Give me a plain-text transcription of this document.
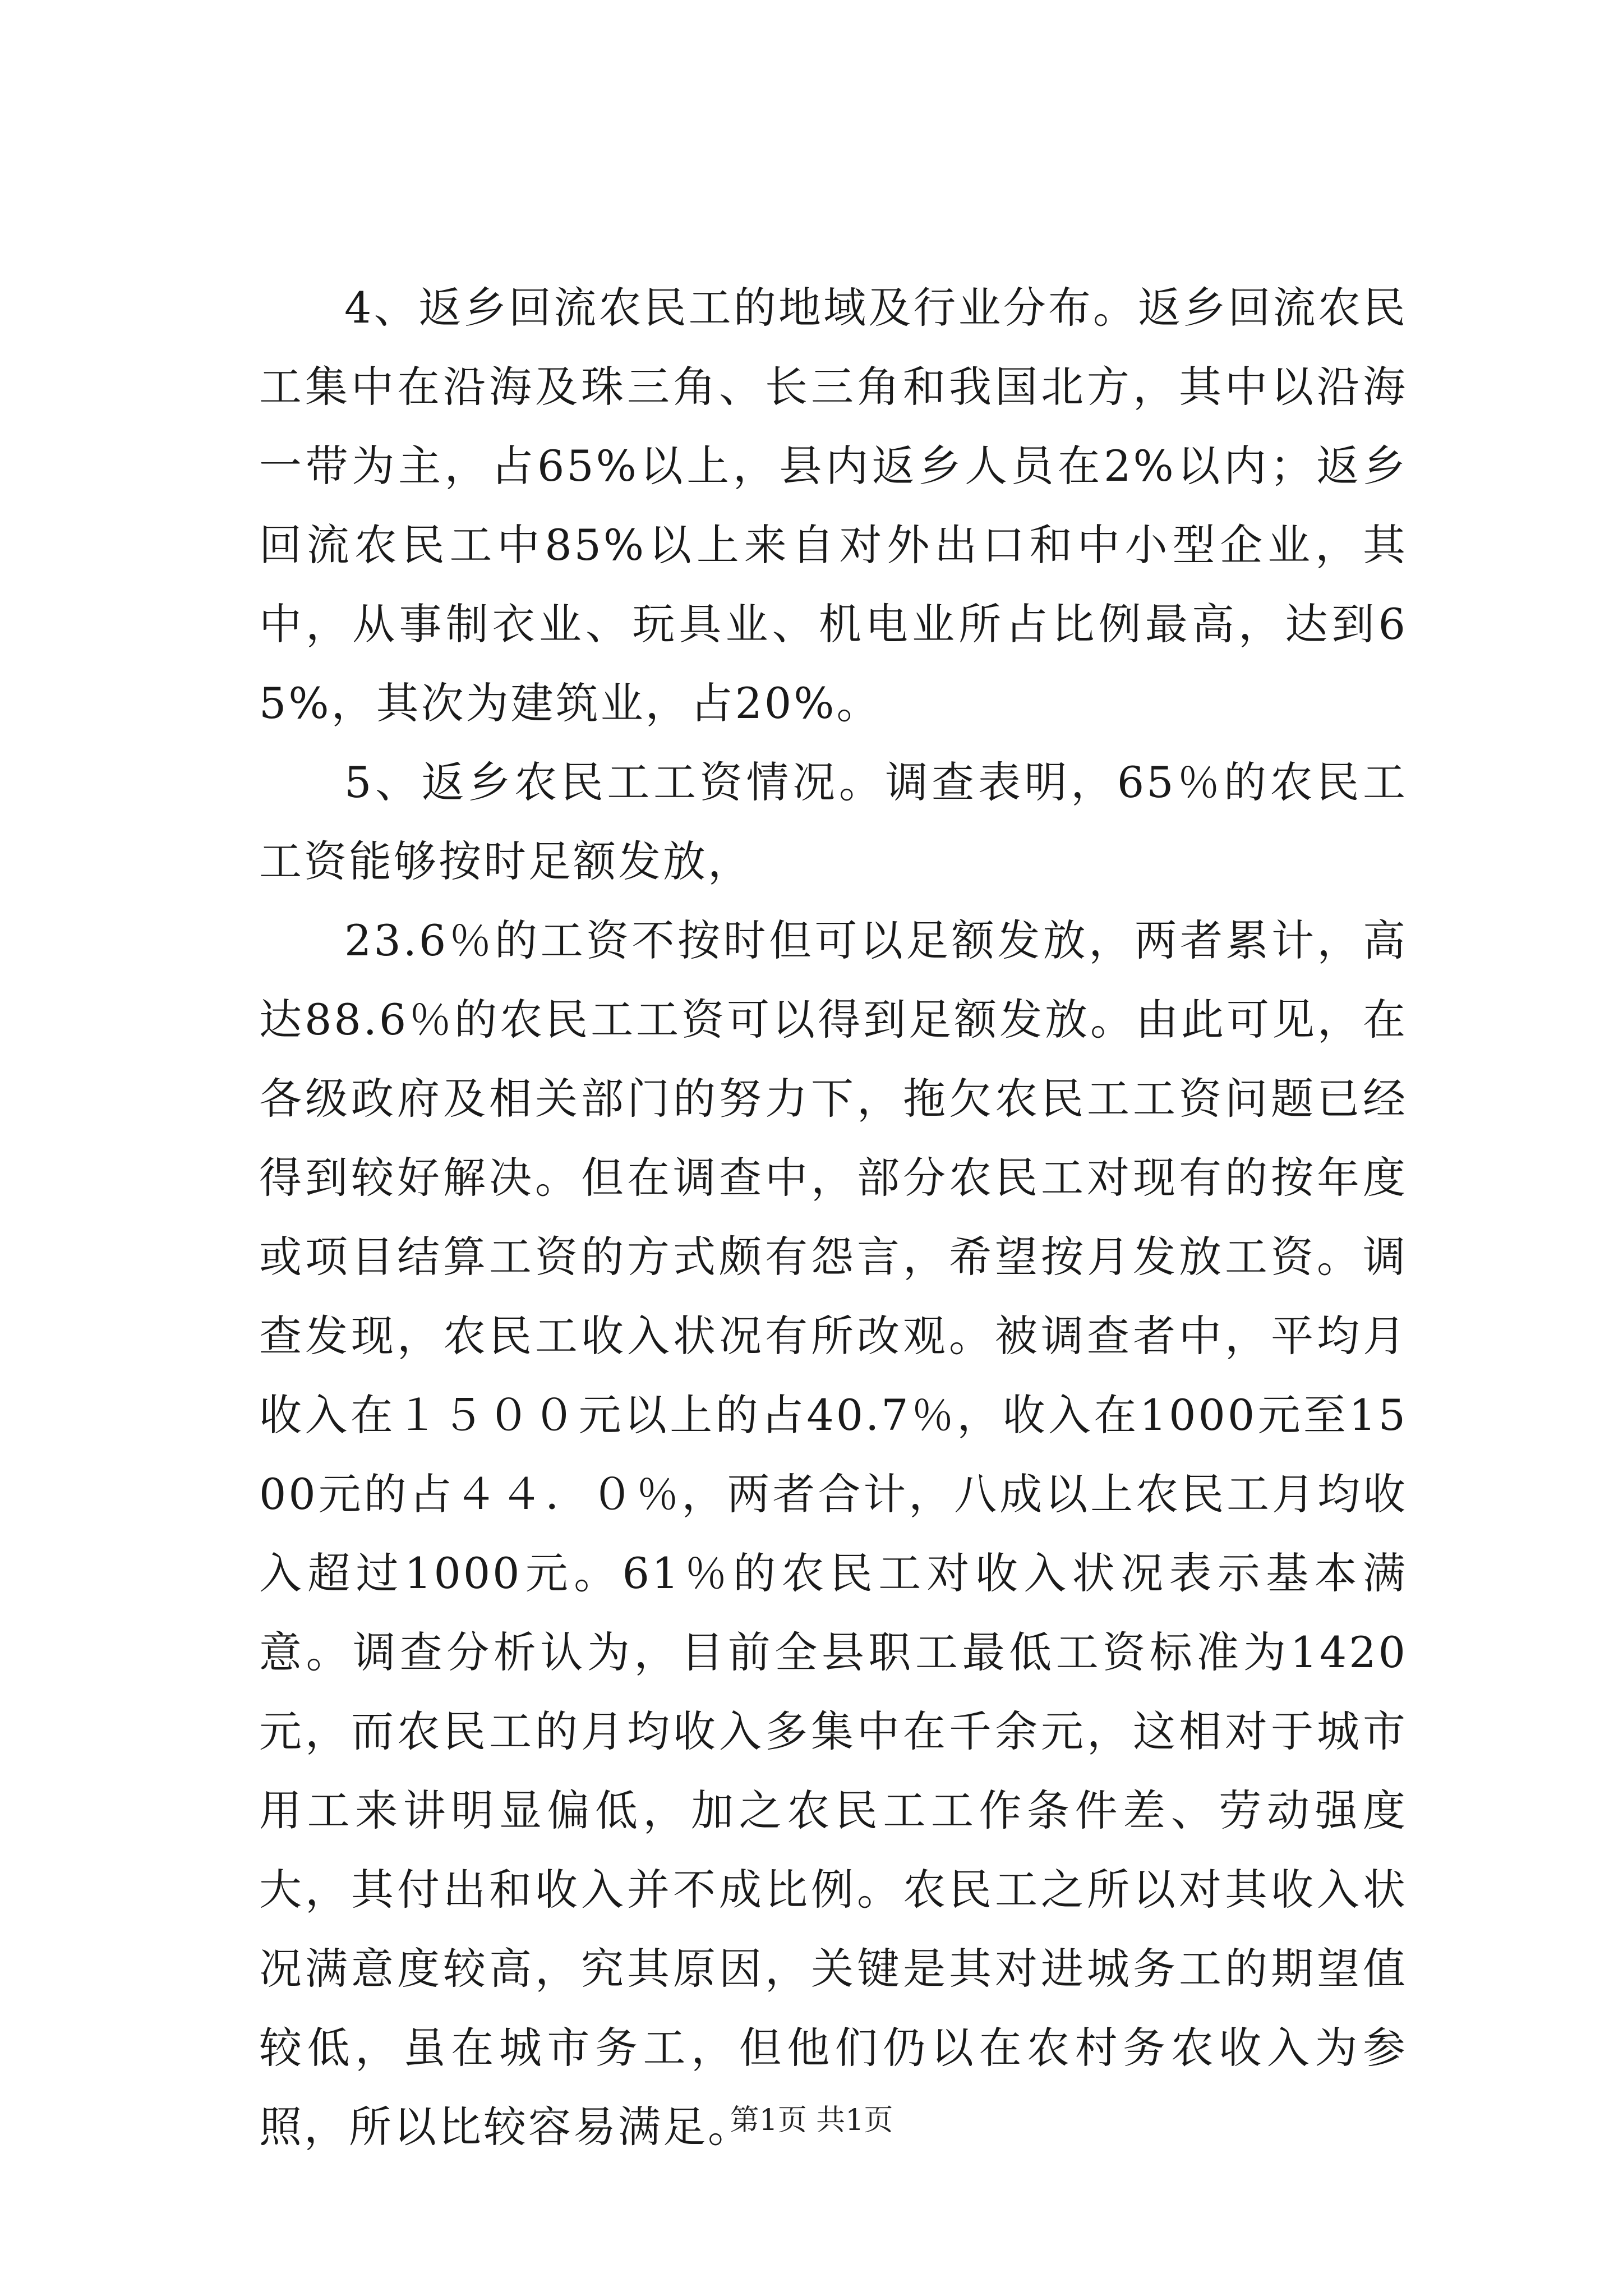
4、返乡回流农民工的地域及行业分布。返乡回流农民工集中在沿海及珠三角、长三角和我国北方，其中以沿海一带为主，占65%以上，县内返乡人员在2%以内；返乡回流农民工中85%以上来自对外出口和中小型企业，其中，从事制衣业、玩具业、机电业所占比例最高，达到65%，其次为建筑业，占20%。

5、返乡农民工工资情况。调查表明，65％的农民工工资能够按时足额发放，

23.6％的工资不按时但可以足额发放，两者累计，高达88.6％的农民工工资可以得到足额发放。由此可见，在各级政府及相关部门的努力下，拖欠农民工工资问题已经得到较好解决。但在调查中，部分农民工对现有的按年度或项目结算工资的方式颇有怨言，希望按月发放工资。调查发现，农民工收入状况有所改观。被调查者中，平均月收入在１５００元以上的占40.7％，收入在1000元至1500元的占４４．０％，两者合计，八成以上农民工月均收入超过1000元。61％的农民工对收入状况表示基本满意。调查分析认为，目前全县职工最低工资标准为1420元，而农民工的月均收入多集中在千余元，这相对于城市用工来讲明显偏低，加之农民工工作条件差、劳动强度大，其付出和收入并不成比例。农民工之所以对其收入状况满意度较高，究其原因，关键是其对进城务工的期望值较低，虽在城市务工，但他们仍以在农村务农收入为参照，所以比较容易满足。

第1页 共1页
